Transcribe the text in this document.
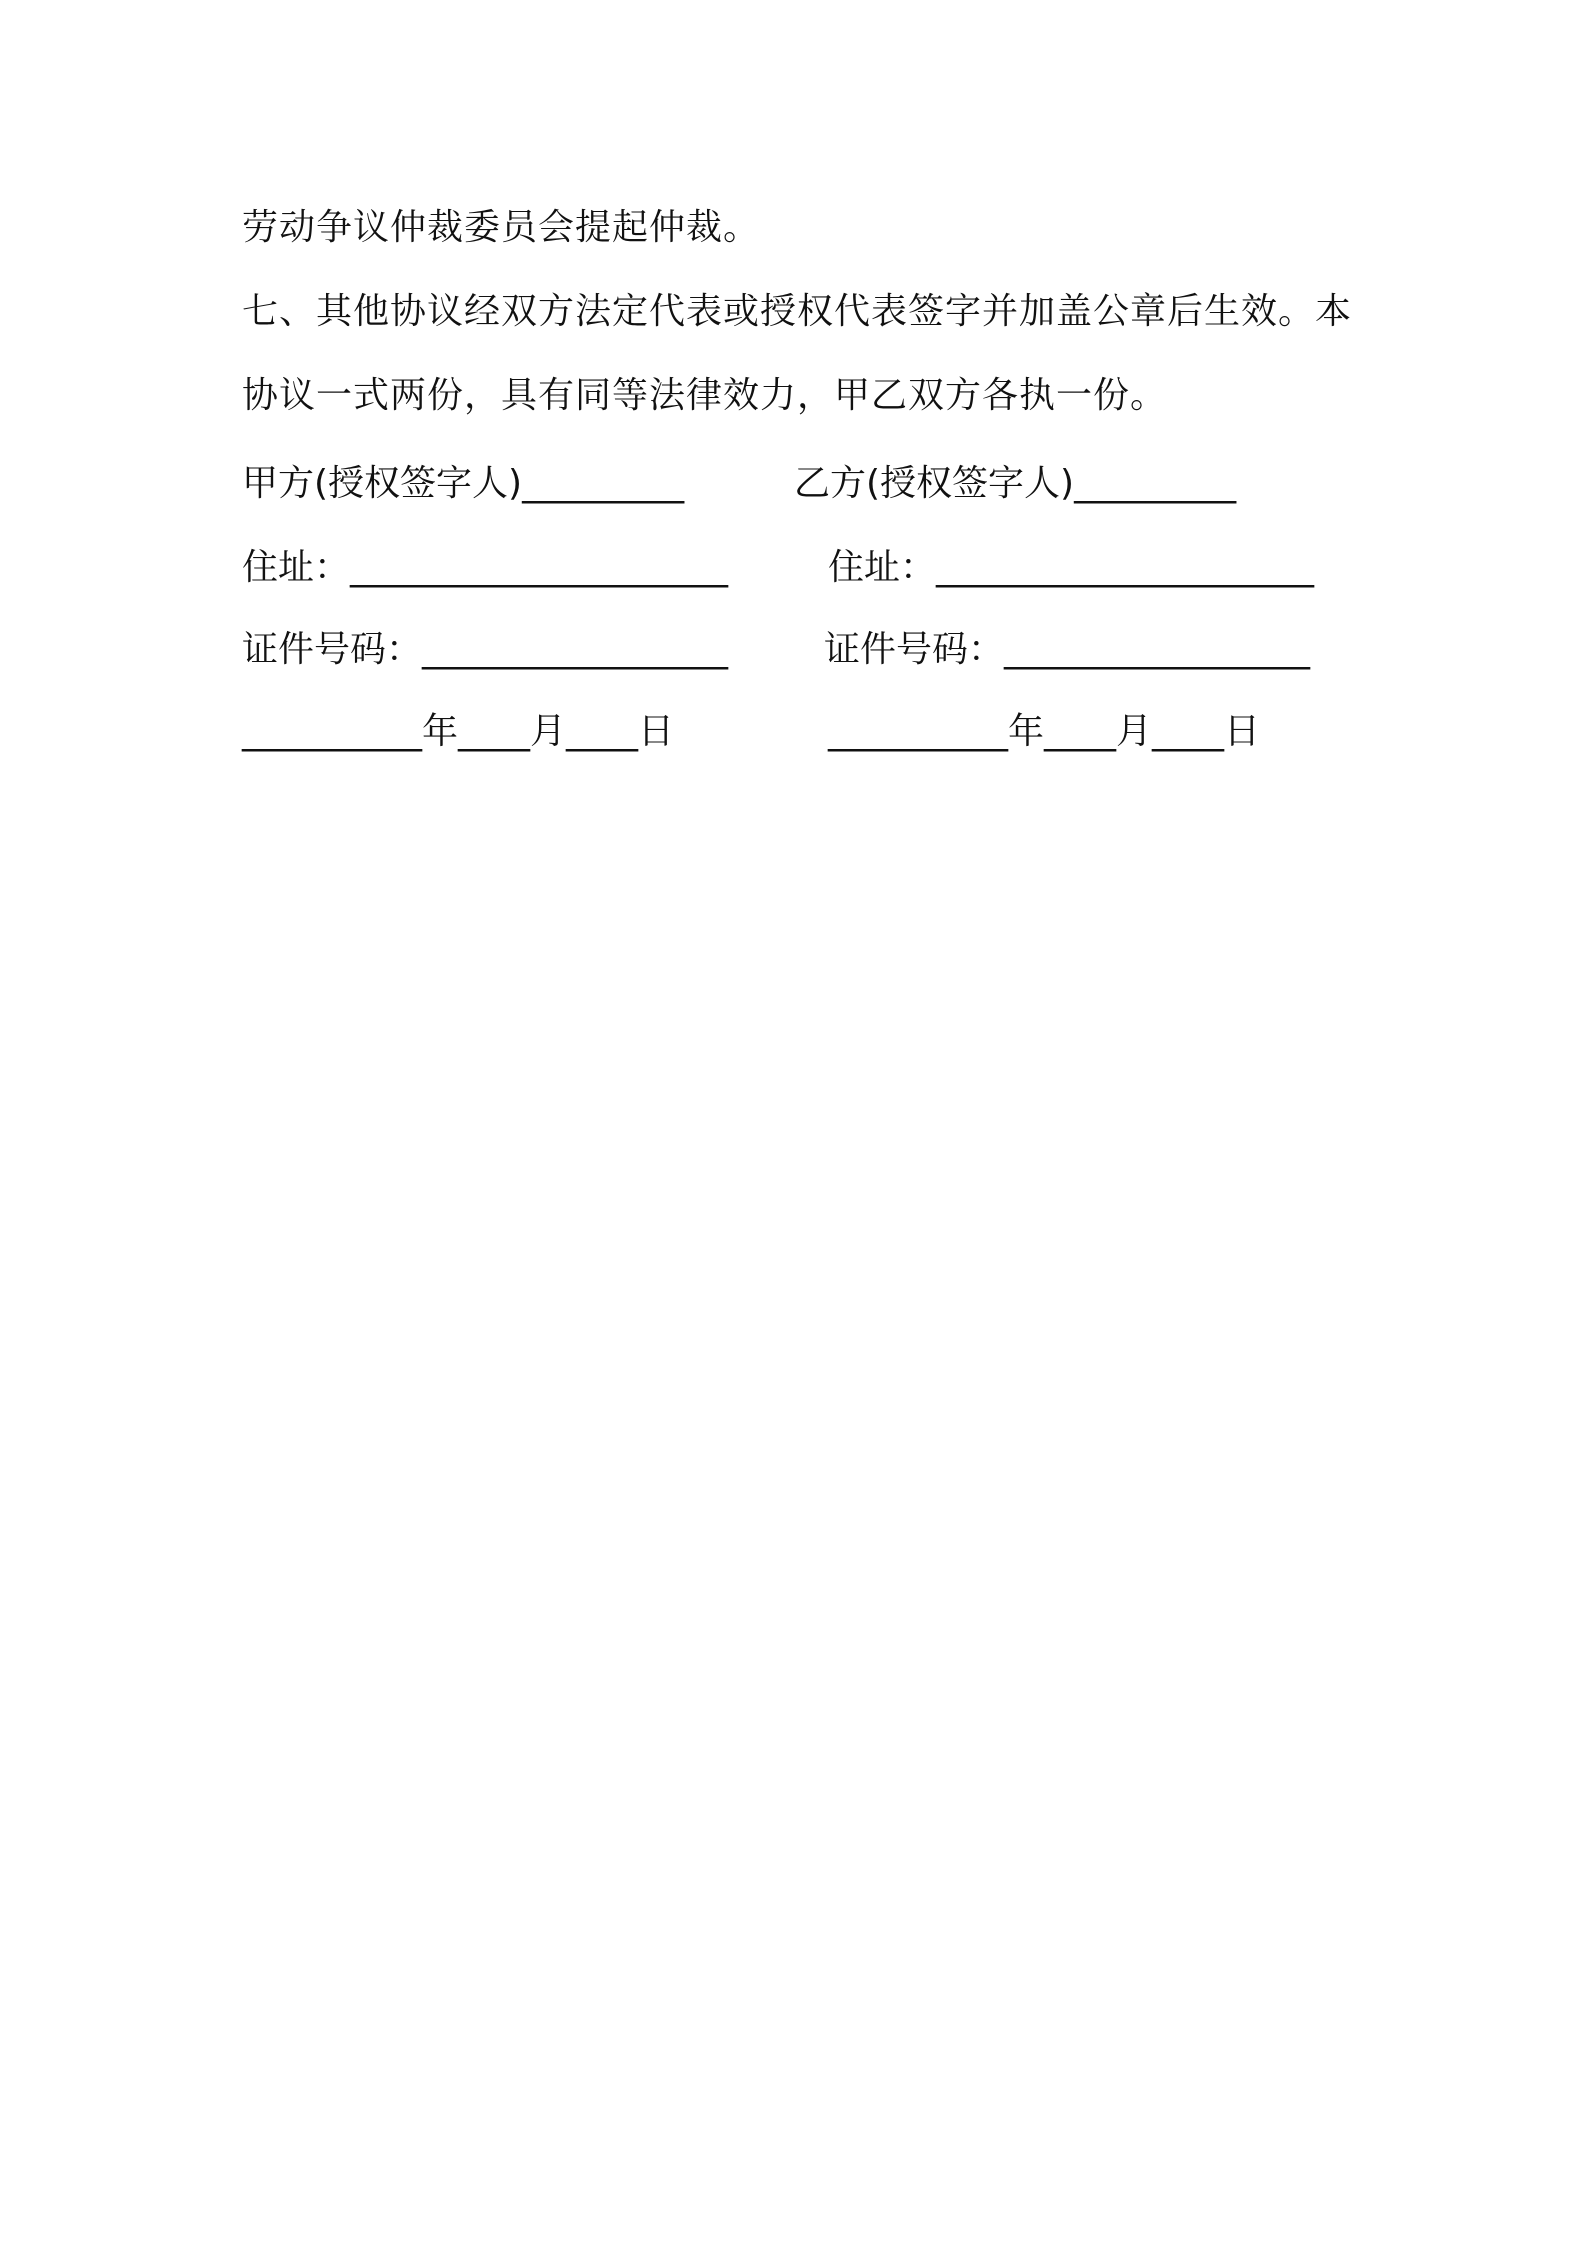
劳动争议仲裁委员会提起仲裁。
七、其他协议经双方法定代表或授权代表签字并加盖公章后生效。本
协议一式两份，具有同等法律效力，甲乙双方各执一份。
甲方(授权签字人)_________	乙方(授权签字人)_________
住址：_____________________	住址：_____________________
证件号码：_________________	证件号码：_________________
__________年____月____日	__________年____月____日
